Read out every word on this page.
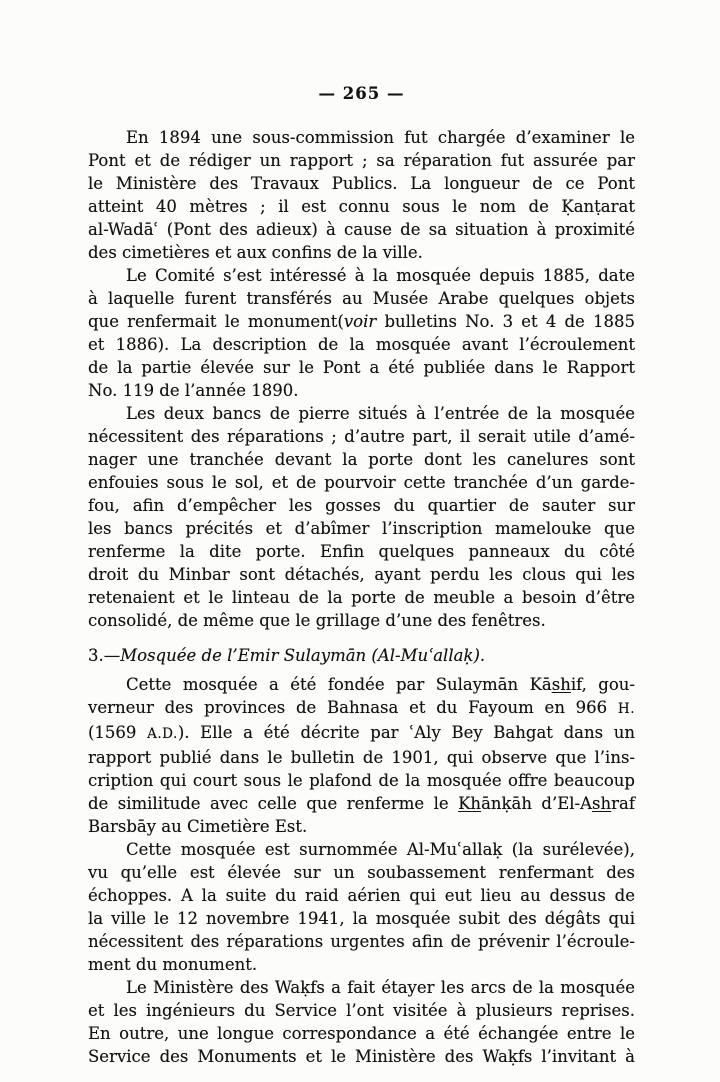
— 265 —
En 1894 une sous-commission fut chargée d’examiner le
Pont et de rédiger un rapport ; sa réparation fut assurée par
le Ministère des Travaux Publics. La longueur de ce Pont
atteint 40 mètres ; il est connu sous le nom de Ḳanṭarat
al-Wadāʿ (Pont des adieux) à cause de sa situation à proximité
des cimetières et aux confins de la ville.
Le Comité s’est intéressé à la mosquée depuis 1885, date
à laquelle furent transférés au Musée Arabe quelques objets
que renfermait le monument(voir bulletins No. 3 et 4 de 1885
et 1886). La description de la mosquée avant l’écroulement
de la partie élevée sur le Pont a été publiée dans le Rapport
No. 119 de l’année 1890.
Les deux bancs de pierre situés à l’entrée de la mosquée
nécessitent des réparations ; d’autre part, il serait utile d’amé-
nager une tranchée devant la porte dont les canelures sont
enfouies sous le sol, et de pourvoir cette tranchée d’un garde-
fou, afin d’empêcher les gosses du quartier de sauter sur
les bancs précités et d’abîmer l’inscription mamelouke que
renferme la dite porte. Enfin quelques panneaux du côté
droit du Minbar sont détachés, ayant perdu les clous qui les
retenaient et le linteau de la porte de meuble a besoin d’être
consolidé, de même que le grillage d’une des fenêtres.
3.—Mosquée de l’Emir Sulaymān (Al-Muʿallaḳ).
Cette mosquée a été fondée par Sulaymān Kāshif, gou-
verneur des provinces de Bahnasa et du Fayoum en 966 H.
(1569 A.D.). Elle a été décrite par ʿAly Bey Bahgat dans un
rapport publié dans le bulletin de 1901, qui observe que l’ins-
cription qui court sous le plafond de la mosquée offre beaucoup
de similitude avec celle que renferme le Khānḳāh d’El-Ashraf
Barsbāy au Cimetière Est.
Cette mosquée est surnommée Al-Muʿallaḳ (la surélevée),
vu qu’elle est élevée sur un soubassement renfermant des
échoppes. A la suite du raid aérien qui eut lieu au dessus de
la ville le 12 novembre 1941, la mosquée subit des dégâts qui
nécessitent des réparations urgentes afin de prévenir l’écroule-
ment du monument.
Le Ministère des Waḳfs a fait étayer les arcs de la mosquée
et les ingénieurs du Service l’ont visitée à plusieurs reprises.
En outre, une longue correspondance a été échangée entre le
Service des Monuments et le Ministère des Waḳfs l’invitant à
